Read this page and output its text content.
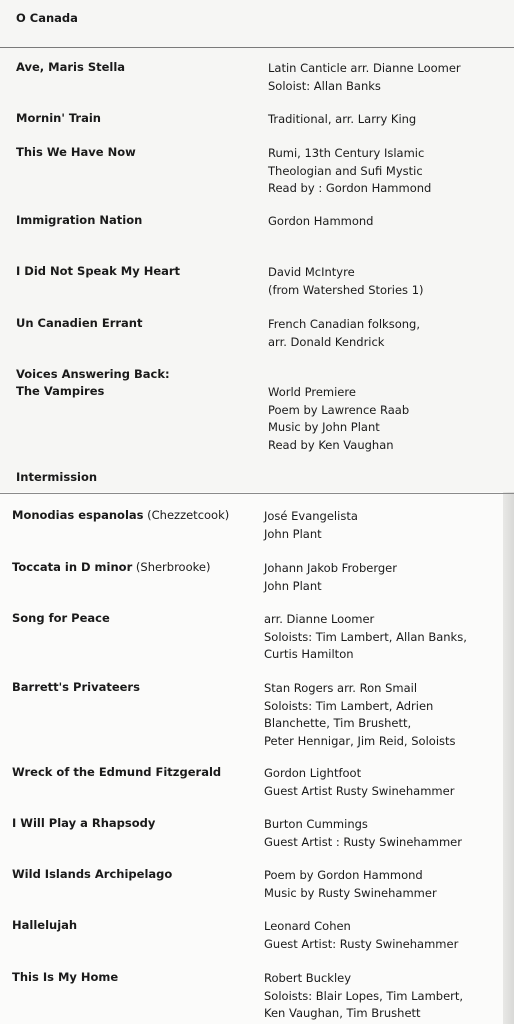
O Canada
Ave, Maris Stella	Latin Canticle arr. Dianne Loomer
Soloist: Allan Banks
Mornin' Train	Traditional, arr. Larry King
This We Have Now	Rumi, 13th Century Islamic
Theologian and Sufi Mystic
Read by : Gordon Hammond
Immigration Nation	Gordon Hammond
I Did Not Speak My Heart	David McIntyre
(from Watershed Stories 1)
Un Canadien Errant	French Canadian folksong,
arr. Donald Kendrick
Voices Answering Back:
The Vampires	World Premiere
Poem by Lawrence Raab
Music by John Plant
Read by Ken Vaughan
Intermission
Monodias espanolas (Chezzetcook)	José Evangelista
John Plant
Toccata in D minor (Sherbrooke)	Johann Jakob Froberger
John Plant
Song for Peace	arr. Dianne Loomer
Soloists: Tim Lambert, Allan Banks,
Curtis Hamilton
Barrett's Privateers	Stan Rogers arr. Ron Smail
Soloists: Tim Lambert, Adrien
Blanchette, Tim Brushett,
Peter Hennigar, Jim Reid, Soloists
Wreck of the Edmund Fitzgerald	Gordon Lightfoot
Guest Artist Rusty Swinehammer
I Will Play a Rhapsody	Burton Cummings
Guest Artist : Rusty Swinehammer
Wild Islands Archipelago	Poem by Gordon Hammond
Music by Rusty Swinehammer
Hallelujah	Leonard Cohen
Guest Artist: Rusty Swinehammer
This Is My Home	Robert Buckley
Soloists: Blair Lopes, Tim Lambert,
Ken Vaughan, Tim Brushett
